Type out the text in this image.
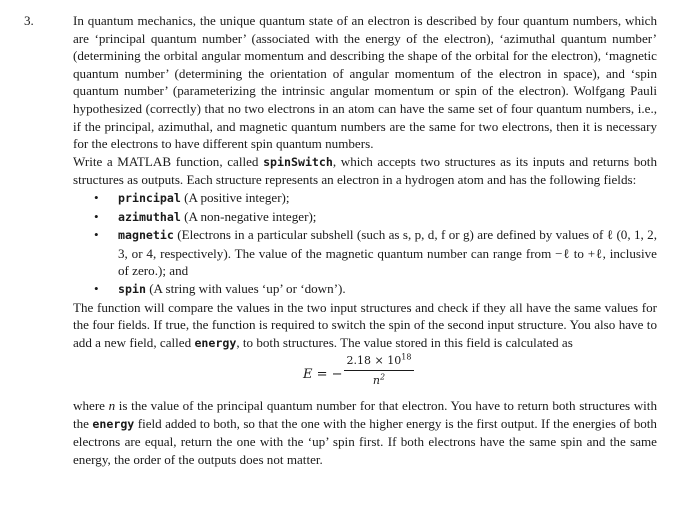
3.	In quantum mechanics, the unique quantum state of an electron is described by four quantum numbers, which are ‘principal quantum number’ (associated with the energy of the electron), ‘azimuthal quantum number’ (determining the orbital angular momentum and describing the shape of the orbital for the electron), ‘magnetic quantum number’ (determining the orientation of angular momentum of the electron in space), and ‘spin quantum number’ (parameterizing the intrinsic angular momentum or spin of the electron). Wolfgang Pauli hypothesized (correctly) that no two electrons in an atom can have the same set of four quantum numbers, i.e., if the principal, azimuthal, and magnetic quantum numbers are the same for two electrons, then it is necessary for the electrons to have different spin quantum numbers.

Write a MATLAB function, called spinSwitch, which accepts two structures as its inputs and returns both structures as outputs. Each structure represents an electron in a hydrogen atom and has the following fields:

• principal (A positive integer);
• azimuthal (A non-negative integer);
• magnetic (Electrons in a particular subshell (such as s, p, d, f or g) are defined by values of ℓ (0, 1, 2, 3, or 4, respectively). The value of the magnetic quantum number can range from −ℓ to +ℓ, inclusive of zero.); and
• spin (A string with values ‘up’ or ‘down’).

The function will compare the values in the two input structures and check if they all have the same values for the four fields. If true, the function is required to switch the spin of the second input structure. You also have to add a new field, called energy, to both structures. The value stored in this field is calculated as

E = −
$2.18 \times 10^{18}$
$n^2$

where n is the value of the principal quantum number for that electron. You have to return both structures with the energy field added to both, so that the one with the higher energy is the first output. If the energies of both electrons are equal, return the one with the ‘up’ spin first. If both electrons have the same spin and the same energy, the order of the outputs does not matter.
